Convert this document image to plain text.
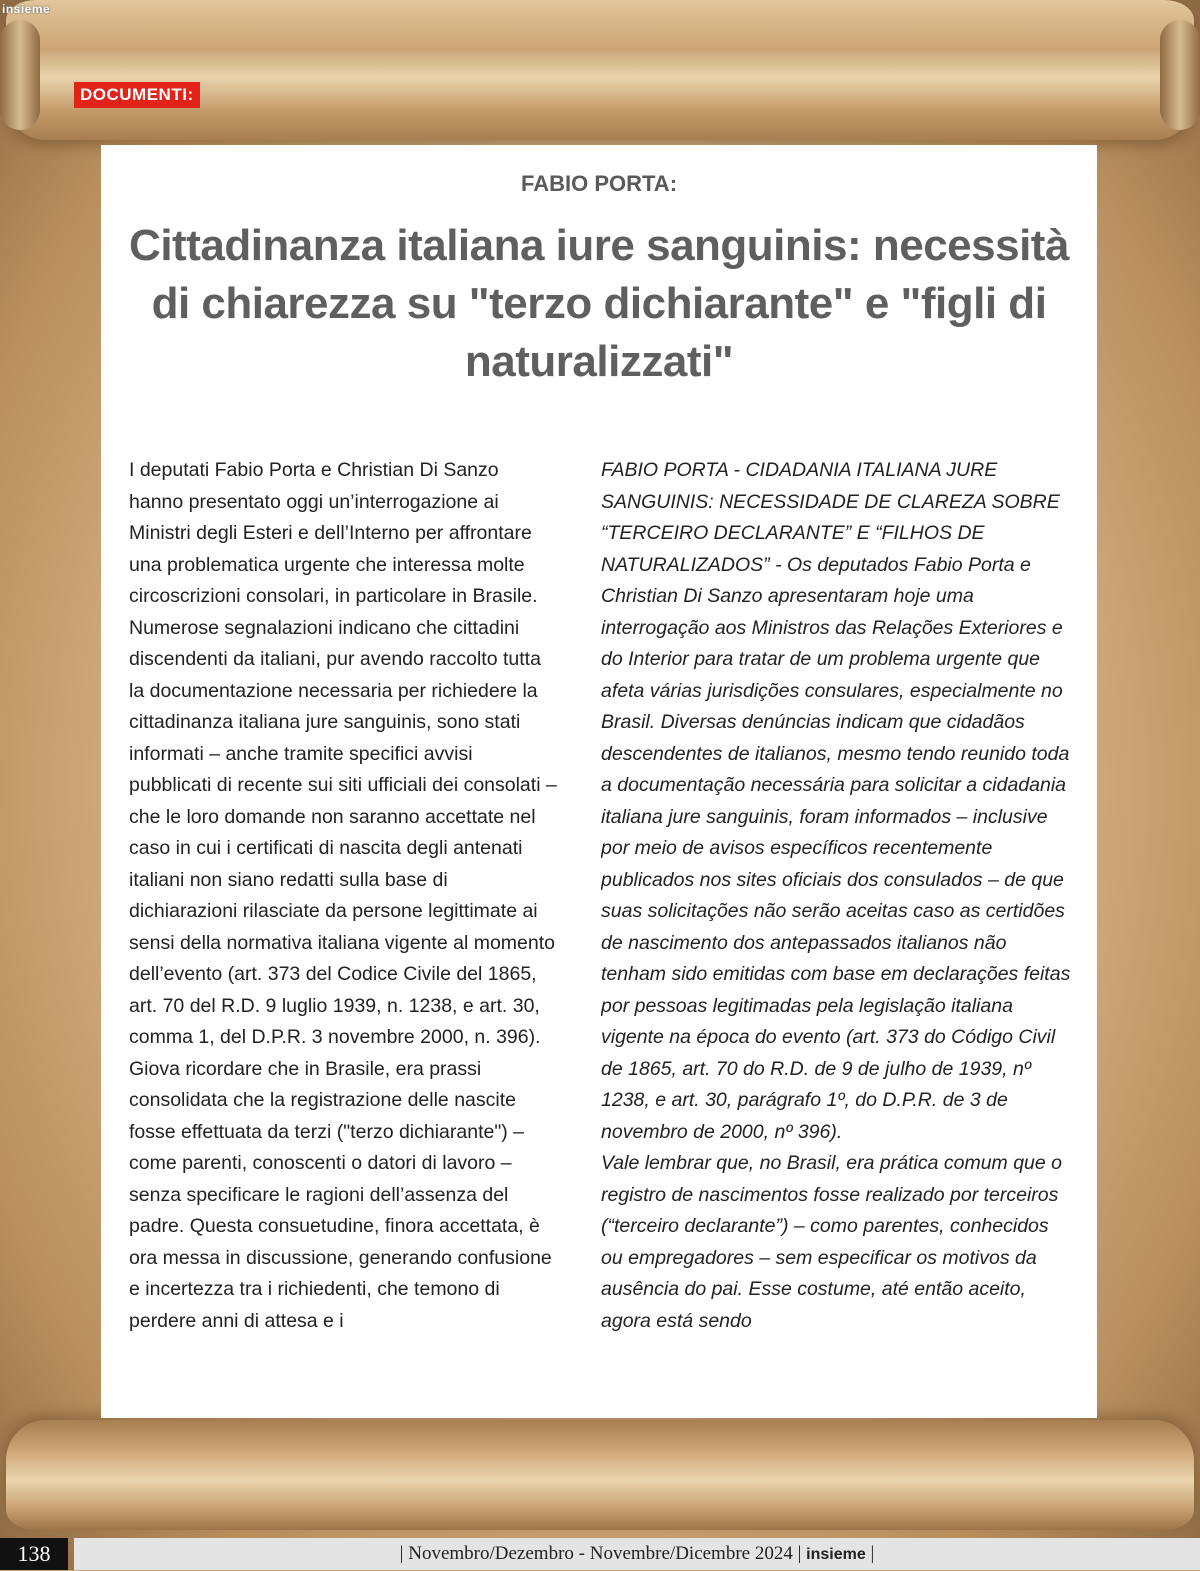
insieme
DOCUMENTI:
FABIO PORTA:
Cittadinanza italiana iure sanguinis: necessità di chiarezza su "terzo dichiarante" e "figli di naturalizzati"

I deputati Fabio Porta e Christian Di Sanzo hanno presentato oggi un’interrogazione ai Ministri degli Esteri e dell’Interno per affrontare una problematica urgente che interessa molte circoscrizioni consolari, in particolare in Brasile. Numerose segnalazioni indicano che cittadini discendenti da italiani, pur avendo raccolto tutta la documentazione necessaria per richiedere la cittadinanza italiana jure sanguinis, sono stati informati – anche tramite specifici avvisi pubblicati di recente sui siti ufficiali dei consolati – che le loro domande non saranno accettate nel caso in cui i certificati di nascita degli antenati italiani non siano redatti sulla base di dichiarazioni rilasciate da persone legittimate ai sensi della normativa italiana vigente al momento dell’evento (art. 373 del Codice Civile del 1865, art. 70 del R.D. 9 luglio 1939, n. 1238, e art. 30, comma 1, del D.P.R. 3 novembre 2000, n. 396).

Giova ricordare che in Brasile, era prassi consolidata che la registrazione delle nascite fosse effettuata da terzi ("terzo dichiarante") – come parenti, conoscenti o datori di lavoro – senza specificare le ragioni dell’assenza del padre. Questa consuetudine, finora accettata, è ora messa in discussione, generando confusione e incertezza tra i richiedenti, che temono di perdere anni di attesa e i

FABIO PORTA - CIDADANIA ITALIANA JURE SANGUINIS: NECESSIDADE DE CLAREZA SOBRE “TERCEIRO DECLARANTE” E “FILHOS DE NATURALIZADOS” - Os deputados Fabio Porta e Christian Di Sanzo apresentaram hoje uma interrogação aos Ministros das Relações Exteriores e do Interior para tratar de um problema urgente que afeta várias jurisdições consulares, especialmente no Brasil. Diversas denúncias indicam que cidadãos descendentes de italianos, mesmo tendo reunido toda a documentação necessária para solicitar a cidadania italiana jure sanguinis, foram informados – inclusive por meio de avisos específicos recentemente publicados nos sites oficiais dos consulados – de que suas solicitações não serão aceitas caso as certidões de nascimento dos antepassados italianos não tenham sido emitidas com base em declarações feitas por pessoas legitimadas pela legislação italiana vigente na época do evento (art. 373 do Código Civil de 1865, art. 70 do R.D. de 9 de julho de 1939, nº 1238, e art. 30, parágrafo 1º, do D.P.R. de 3 de novembro de 2000, nº 396).

Vale lembrar que, no Brasil, era prática comum que o registro de nascimentos fosse realizado por terceiros (“terceiro declarante”) – como parentes, conhecidos ou empregadores – sem especificar os motivos da ausência do pai. Esse costume, até então aceito, agora está sendo

138	| Novembro/Dezembro - Novembre/Dicembre 2024 | insieme |
